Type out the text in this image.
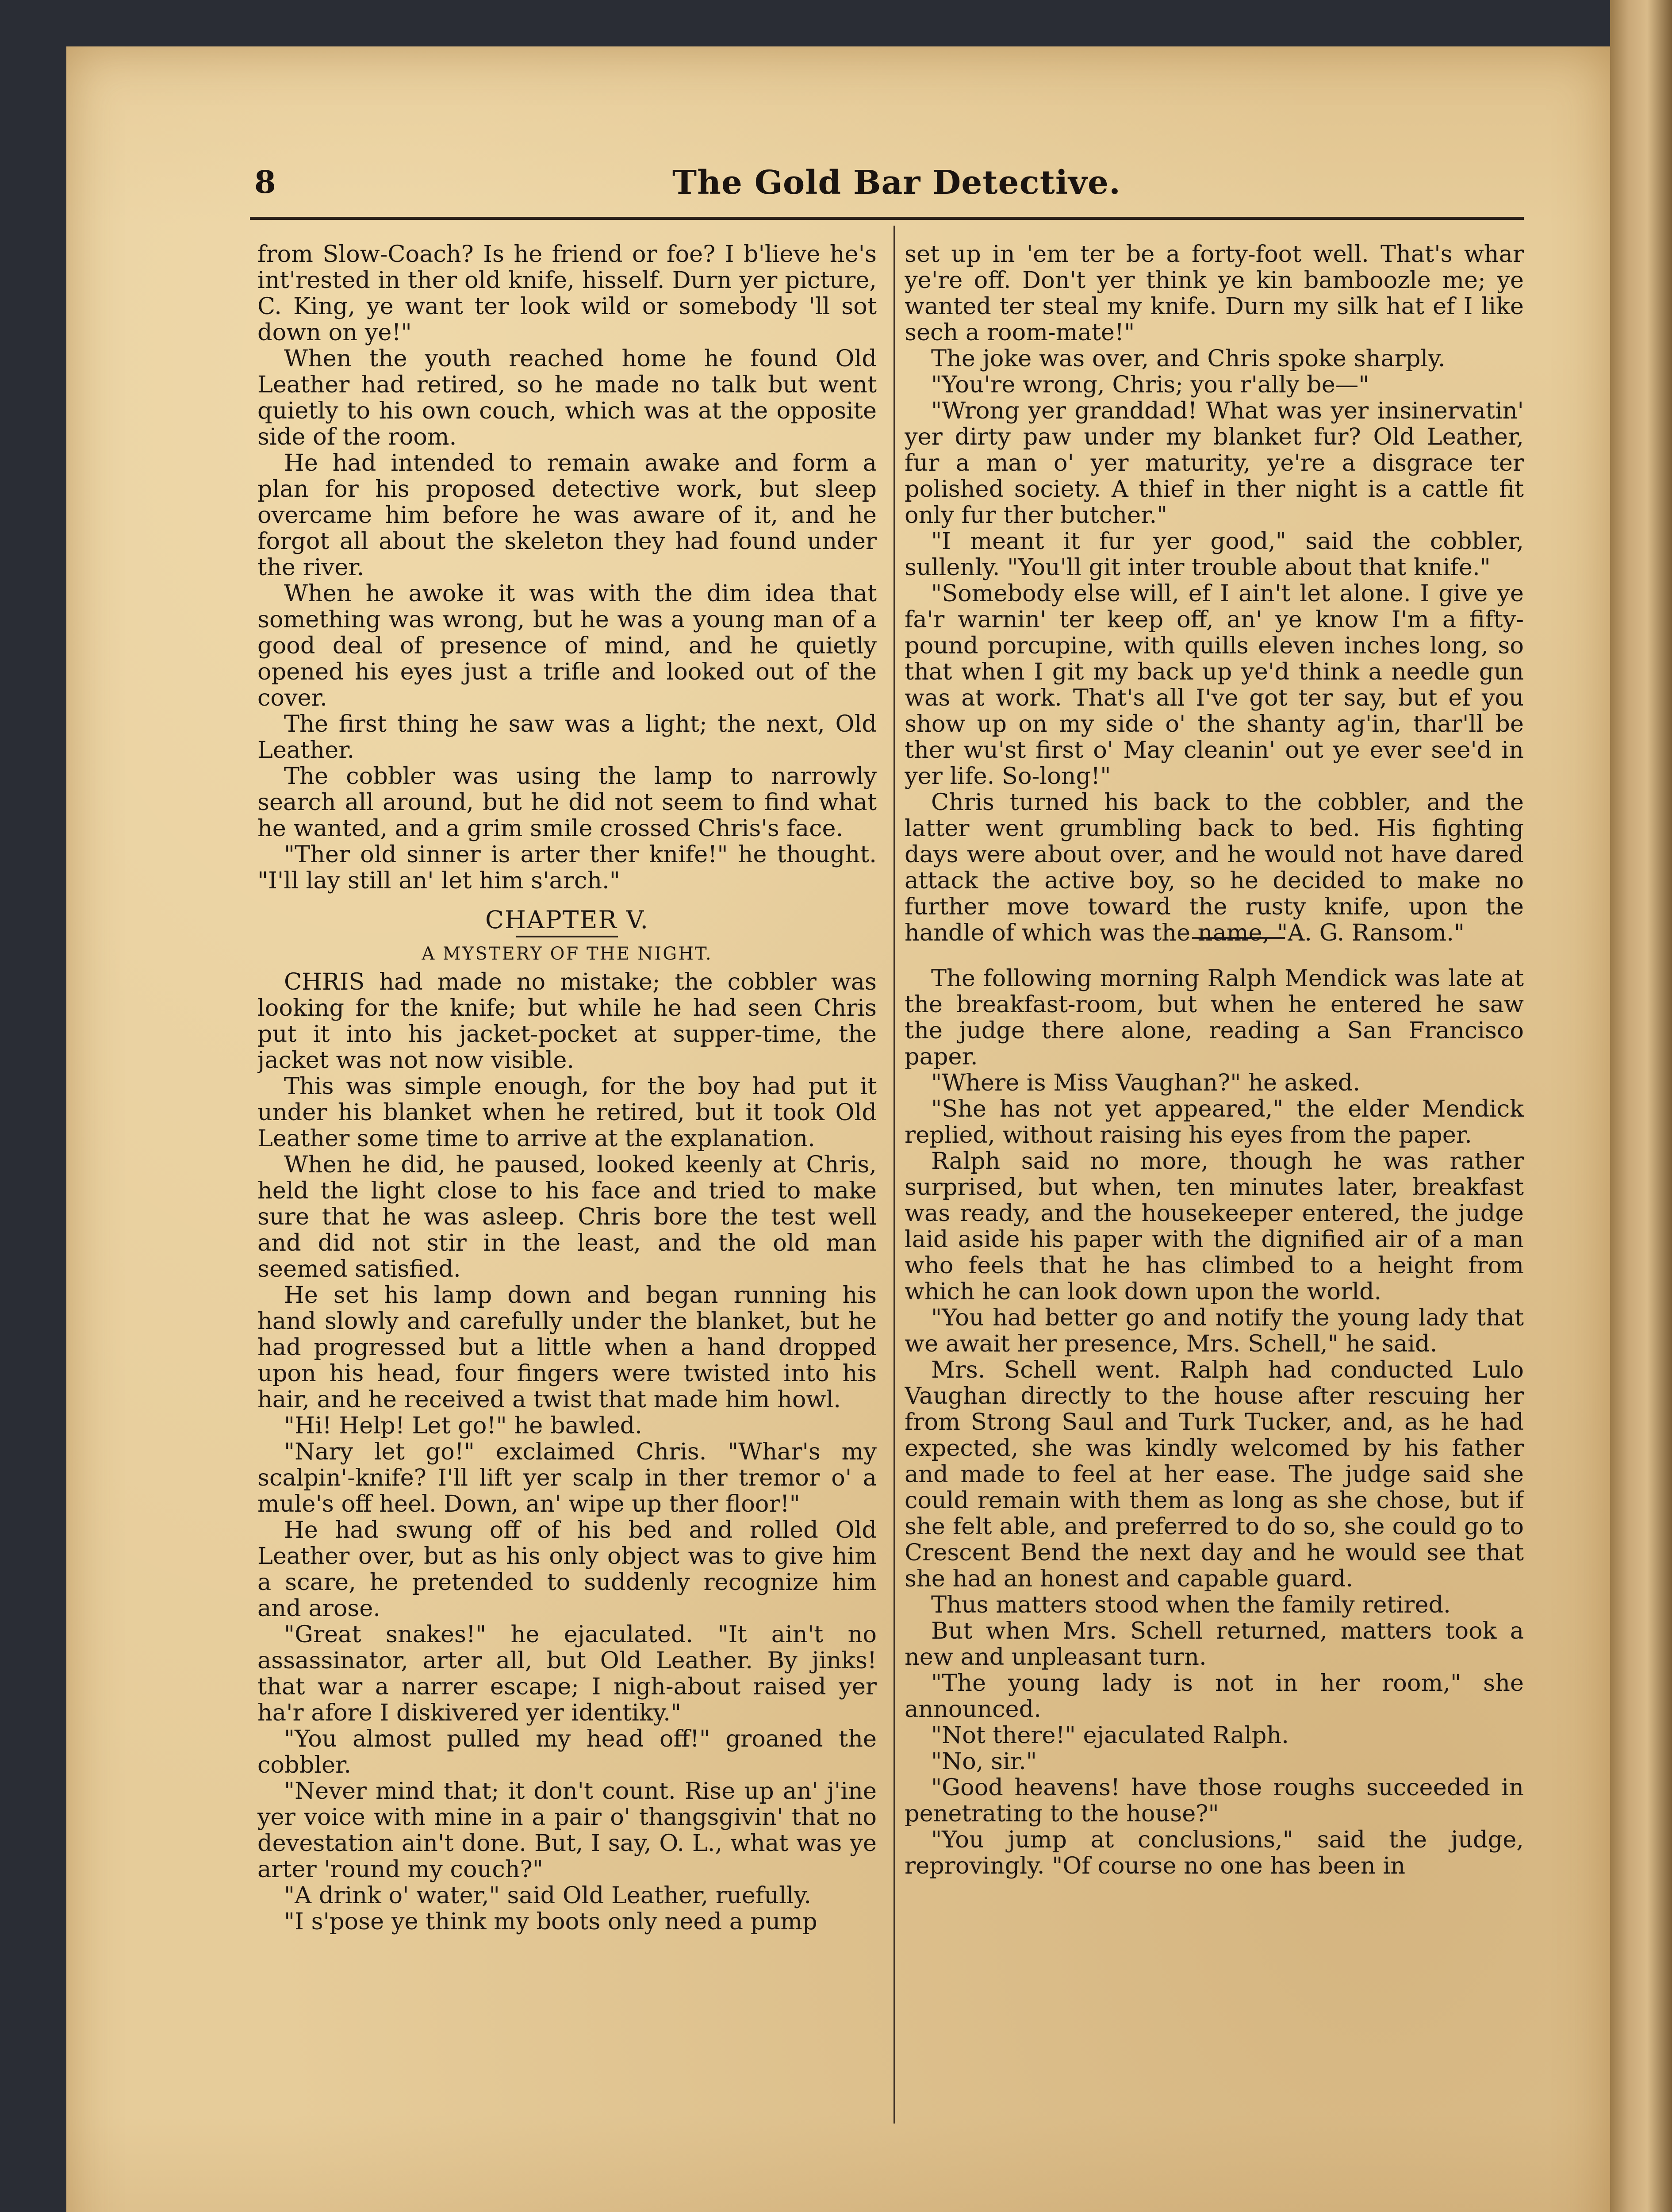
8	The Gold Bar Detective.

from Slow-Coach? Is he friend or foe? I b'lieve he's int'rested in ther old knife, hisself. Durn yer picture, C. King, ye want ter look wild or somebody 'll sot down on ye!"

When the youth reached home he found Old Leather had retired, so he made no talk but went quietly to his own couch, which was at the opposite side of the room.

He had intended to remain awake and form a plan for his proposed detective work, but sleep overcame him before he was aware of it, and he forgot all about the skeleton they had found under the river.

When he awoke it was with the dim idea that something was wrong, but he was a young man of a good deal of presence of mind, and he quietly opened his eyes just a trifle and looked out of the cover.

The first thing he saw was a light; the next, Old Leather.

The cobbler was using the lamp to narrowly search all around, but he did not seem to find what he wanted, and a grim smile crossed Chris's face.

"Ther old sinner is arter ther knife!" he thought. "I'll lay still an' let him s'arch."

CHAPTER V.
A MYSTERY OF THE NIGHT.

CHRIS had made no mistake; the cobbler was looking for the knife; but while he had seen Chris put it into his jacket-pocket at supper-time, the jacket was not now visible.

This was simple enough, for the boy had put it under his blanket when he retired, but it took Old Leather some time to arrive at the explanation.

When he did, he paused, looked keenly at Chris, held the light close to his face and tried to make sure that he was asleep. Chris bore the test well and did not stir in the least, and the old man seemed satisfied.

He set his lamp down and began running his hand slowly and carefully under the blanket, but he had progressed but a little when a hand dropped upon his head, four fingers were twisted into his hair, and he received a twist that made him howl.

"Hi! Help! Let go!" he bawled.

"Nary let go!" exclaimed Chris. "Whar's my scalpin'-knife? I'll lift yer scalp in ther tremor o' a mule's off heel. Down, an' wipe up ther floor!"

He had swung off of his bed and rolled Old Leather over, but as his only object was to give him a scare, he pretended to suddenly recognize him and arose.

"Great snakes!" he ejaculated. "It ain't no assassinator, arter all, but Old Leather. By jinks! that war a narrer escape; I nigh-about raised yer ha'r afore I diskivered yer identiky."

"You almost pulled my head off!" groaned the cobbler.

"Never mind that; it don't count. Rise up an' j'ine yer voice with mine in a pair o' thangsgivin' that no devestation ain't done. But, I say, O. L., what was ye arter 'round my couch?"

"A drink o' water," said Old Leather, ruefully.

"I s'pose ye think my boots only need a pump

set up in 'em ter be a forty-foot well. That's whar ye're off. Don't yer think ye kin bamboozle me; ye wanted ter steal my knife. Durn my silk hat ef I like sech a room-mate!"

The joke was over, and Chris spoke sharply.

"You're wrong, Chris; you r'ally be—"

"Wrong yer granddad! What was yer insinervatin' yer dirty paw under my blanket fur? Old Leather, fur a man o' yer maturity, ye're a disgrace ter polished society. A thief in ther night is a cattle fit only fur ther butcher."

"I meant it fur yer good," said the cobbler, sullenly. "You'll git inter trouble about that knife."

"Somebody else will, ef I ain't let alone. I give ye fa'r warnin' ter keep off, an' ye know I'm a fifty-pound porcupine, with quills eleven inches long, so that when I git my back up ye'd think a needle gun was at work. That's all I've got ter say, but ef you show up on my side o' the shanty ag'in, thar'll be ther wu'st first o' May cleanin' out ye ever see'd in yer life. So-long!"

Chris turned his back to the cobbler, and the latter went grumbling back to bed. His fighting days were about over, and he would not have dared attack the active boy, so he decided to make no further move toward the rusty knife, upon the handle of which was the name, "A. G. Ransom."

The following morning Ralph Mendick was late at the breakfast-room, but when he entered he saw the judge there alone, reading a San Francisco paper.

"Where is Miss Vaughan?" he asked.

"She has not yet appeared," the elder Mendick replied, without raising his eyes from the paper.

Ralph said no more, though he was rather surprised, but when, ten minutes later, breakfast was ready, and the housekeeper entered, the judge laid aside his paper with the dignified air of a man who feels that he has climbed to a height from which he can look down upon the world.

"You had better go and notify the young lady that we await her presence, Mrs. Schell," he said.

Mrs. Schell went. Ralph had conducted Lulo Vaughan directly to the house after rescuing her from Strong Saul and Turk Tucker, and, as he had expected, she was kindly welcomed by his father and made to feel at her ease. The judge said she could remain with them as long as she chose, but if she felt able, and preferred to do so, she could go to Crescent Bend the next day and he would see that she had an honest and capable guard.

Thus matters stood when the family retired.

But when Mrs. Schell returned, matters took a new and unpleasant turn.

"The young lady is not in her room," she announced.

"Not there!" ejaculated Ralph.

"No, sir."

"Good heavens! have those roughs succeeded in penetrating to the house?"

"You jump at conclusions," said the judge, reprovingly. "Of course no one has been in
